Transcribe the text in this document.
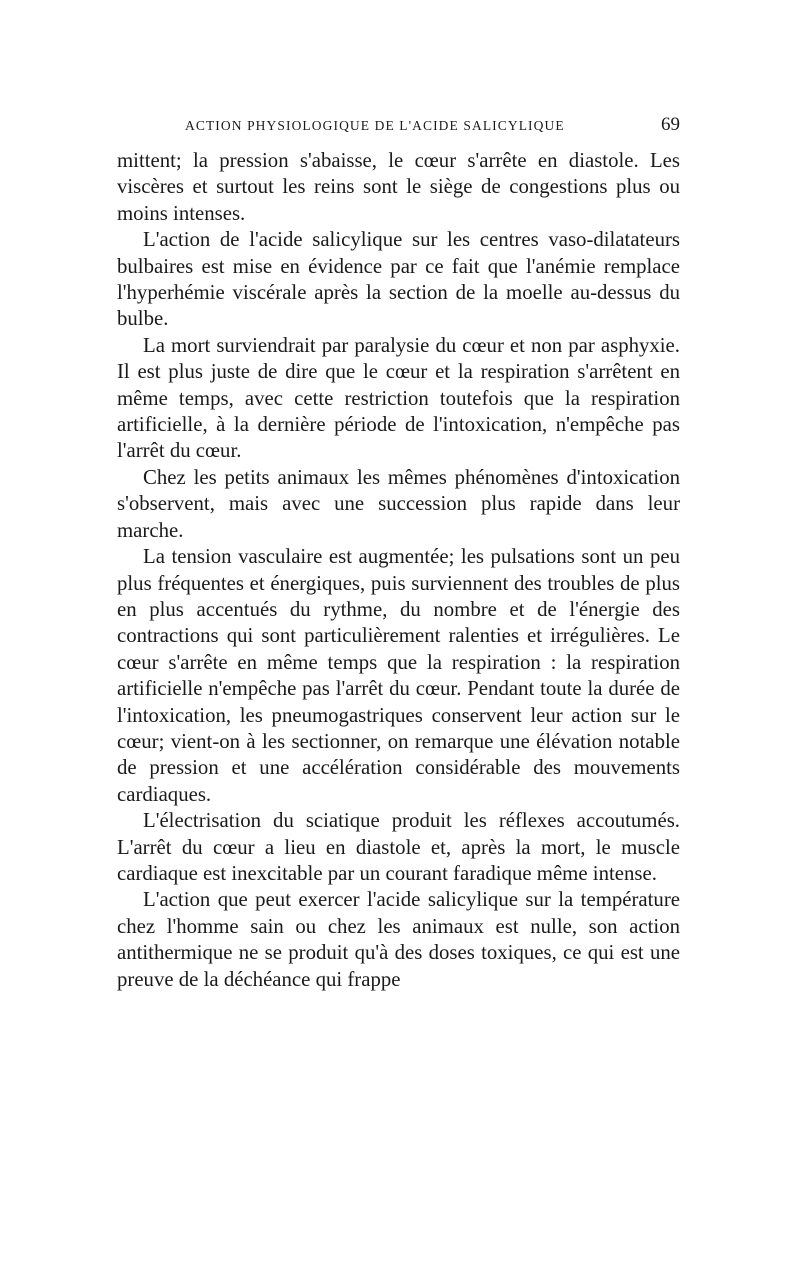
ACTION PHYSIOLOGIQUE DE L'ACIDE SALICYLIQUE	69

mittent; la pression s'abaisse, le cœur s'arrête en diastole. Les viscères et surtout les reins sont le siège de congestions plus ou moins intenses.

L'action de l'acide salicylique sur les centres vaso-dilatateurs bulbaires est mise en évidence par ce fait que l'anémie remplace l'hyperhémie viscérale après la section de la moelle au-dessus du bulbe.

La mort surviendrait par paralysie du cœur et non par asphyxie. Il est plus juste de dire que le cœur et la respiration s'arrêtent en même temps, avec cette restriction toutefois que la respiration artificielle, à la dernière période de l'intoxication, n'empêche pas l'arrêt du cœur.

Chez les petits animaux les mêmes phénomènes d'intoxication s'observent, mais avec une succession plus rapide dans leur marche.

La tension vasculaire est augmentée; les pulsations sont un peu plus fréquentes et énergiques, puis surviennent des troubles de plus en plus accentués du rythme, du nombre et de l'énergie des contractions qui sont particulièrement ralenties et irrégulières. Le cœur s'arrête en même temps que la respiration : la respiration artificielle n'empêche pas l'arrêt du cœur. Pendant toute la durée de l'intoxication, les pneumogastriques conservent leur action sur le cœur; vient-on à les sectionner, on remarque une élévation notable de pression et une accélération considérable des mouvements cardiaques.

L'électrisation du sciatique produit les réflexes accoutumés. L'arrêt du cœur a lieu en diastole et, après la mort, le muscle cardiaque est inexcitable par un courant faradique même intense.

L'action que peut exercer l'acide salicylique sur la température chez l'homme sain ou chez les animaux est nulle, son action antithermique ne se produit qu'à des doses toxiques, ce qui est une preuve de la déchéance qui frappe
